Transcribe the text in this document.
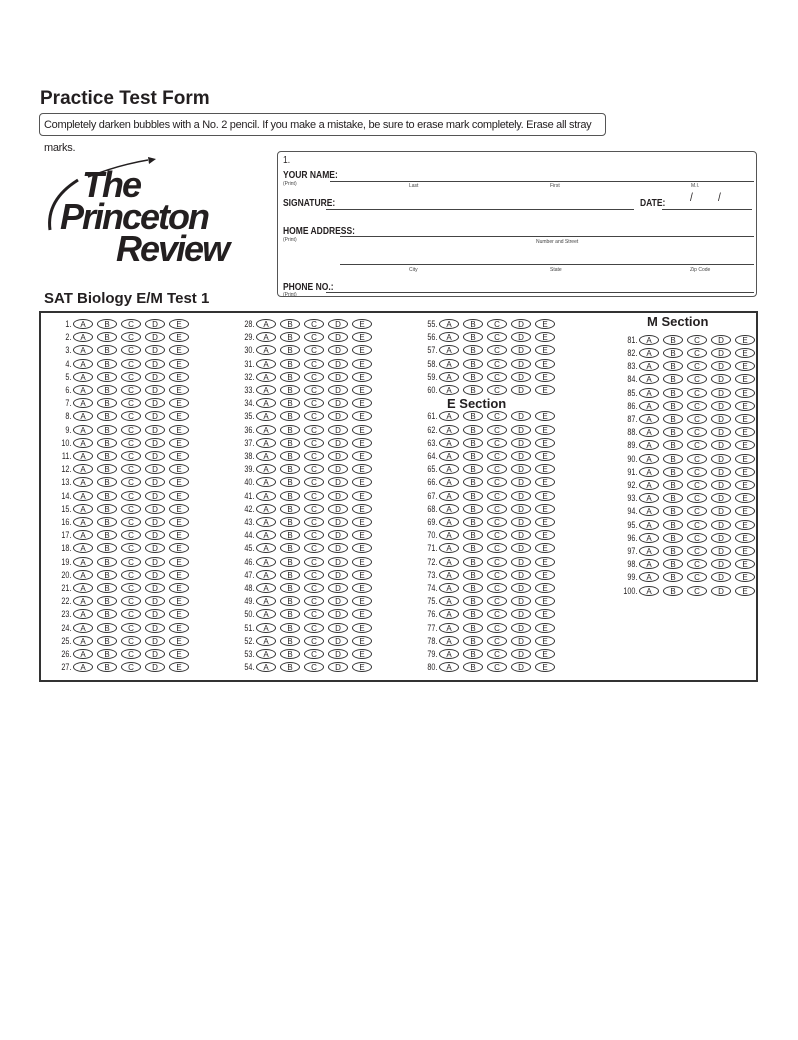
Practice Test Form
Completely darken bubbles with a No. 2 pencil. If you make a mistake, be sure to erase mark completely. Erase all stray marks.
The
Princeton
Review
1.
YOUR NAME:
(Print)	Last	First	M.I.
SIGNATURE:	DATE: / /
HOME ADDRESS:
(Print)	Number and Street
City	State	Zip Code
PHONE NO.:
(Print)
SAT Biology E/M Test 1
1.	A	B	C	D	E
2.	A	B	C	D	E
3.	A	B	C	D	E
4.	A	B	C	D	E
5.	A	B	C	D	E
6.	A	B	C	D	E
7.	A	B	C	D	E
8.	A	B	C	D	E
9.	A	B	C	D	E
10.	A	B	C	D	E
11.	A	B	C	D	E
12.	A	B	C	D	E
13.	A	B	C	D	E
14.	A	B	C	D	E
15.	A	B	C	D	E
16.	A	B	C	D	E
17.	A	B	C	D	E
18.	A	B	C	D	E
19.	A	B	C	D	E
20.	A	B	C	D	E
21.	A	B	C	D	E
22.	A	B	C	D	E
23.	A	B	C	D	E
24.	A	B	C	D	E
25.	A	B	C	D	E
26.	A	B	C	D	E
27.	A	B	C	D	E
28.	A	B	C	D	E
29.	A	B	C	D	E
30.	A	B	C	D	E
31.	A	B	C	D	E
32.	A	B	C	D	E
33.	A	B	C	D	E
34.	A	B	C	D	E
35.	A	B	C	D	E
36.	A	B	C	D	E
37.	A	B	C	D	E
38.	A	B	C	D	E
39.	A	B	C	D	E
40.	A	B	C	D	E
41.	A	B	C	D	E
42.	A	B	C	D	E
43.	A	B	C	D	E
44.	A	B	C	D	E
45.	A	B	C	D	E
46.	A	B	C	D	E
47.	A	B	C	D	E
48.	A	B	C	D	E
49.	A	B	C	D	E
50.	A	B	C	D	E
51.	A	B	C	D	E
52.	A	B	C	D	E
53.	A	B	C	D	E
54.	A	B	C	D	E
55.	A	B	C	D	E
56.	A	B	C	D	E
57.	A	B	C	D	E
58.	A	B	C	D	E
59.	A	B	C	D	E
60.	A	B	C	D	E
E Section
61.	A	B	C	D	E
62.	A	B	C	D	E
63.	A	B	C	D	E
64.	A	B	C	D	E
65.	A	B	C	D	E
66.	A	B	C	D	E
67.	A	B	C	D	E
68.	A	B	C	D	E
69.	A	B	C	D	E
70.	A	B	C	D	E
71.	A	B	C	D	E
72.	A	B	C	D	E
73.	A	B	C	D	E
74.	A	B	C	D	E
75.	A	B	C	D	E
76.	A	B	C	D	E
77.	A	B	C	D	E
78.	A	B	C	D	E
79.	A	B	C	D	E
80.	A	B	C	D	E
M Section
81.	A	B	C	D	E
82.	A	B	C	D	E
83.	A	B	C	D	E
84.	A	B	C	D	E
85.	A	B	C	D	E
86.	A	B	C	D	E
87.	A	B	C	D	E
88.	A	B	C	D	E
89.	A	B	C	D	E
90.	A	B	C	D	E
91.	A	B	C	D	E
92.	A	B	C	D	E
93.	A	B	C	D	E
94.	A	B	C	D	E
95.	A	B	C	D	E
96.	A	B	C	D	E
97.	A	B	C	D	E
98.	A	B	C	D	E
99.	A	B	C	D	E
100.	A	B	C	D	E
